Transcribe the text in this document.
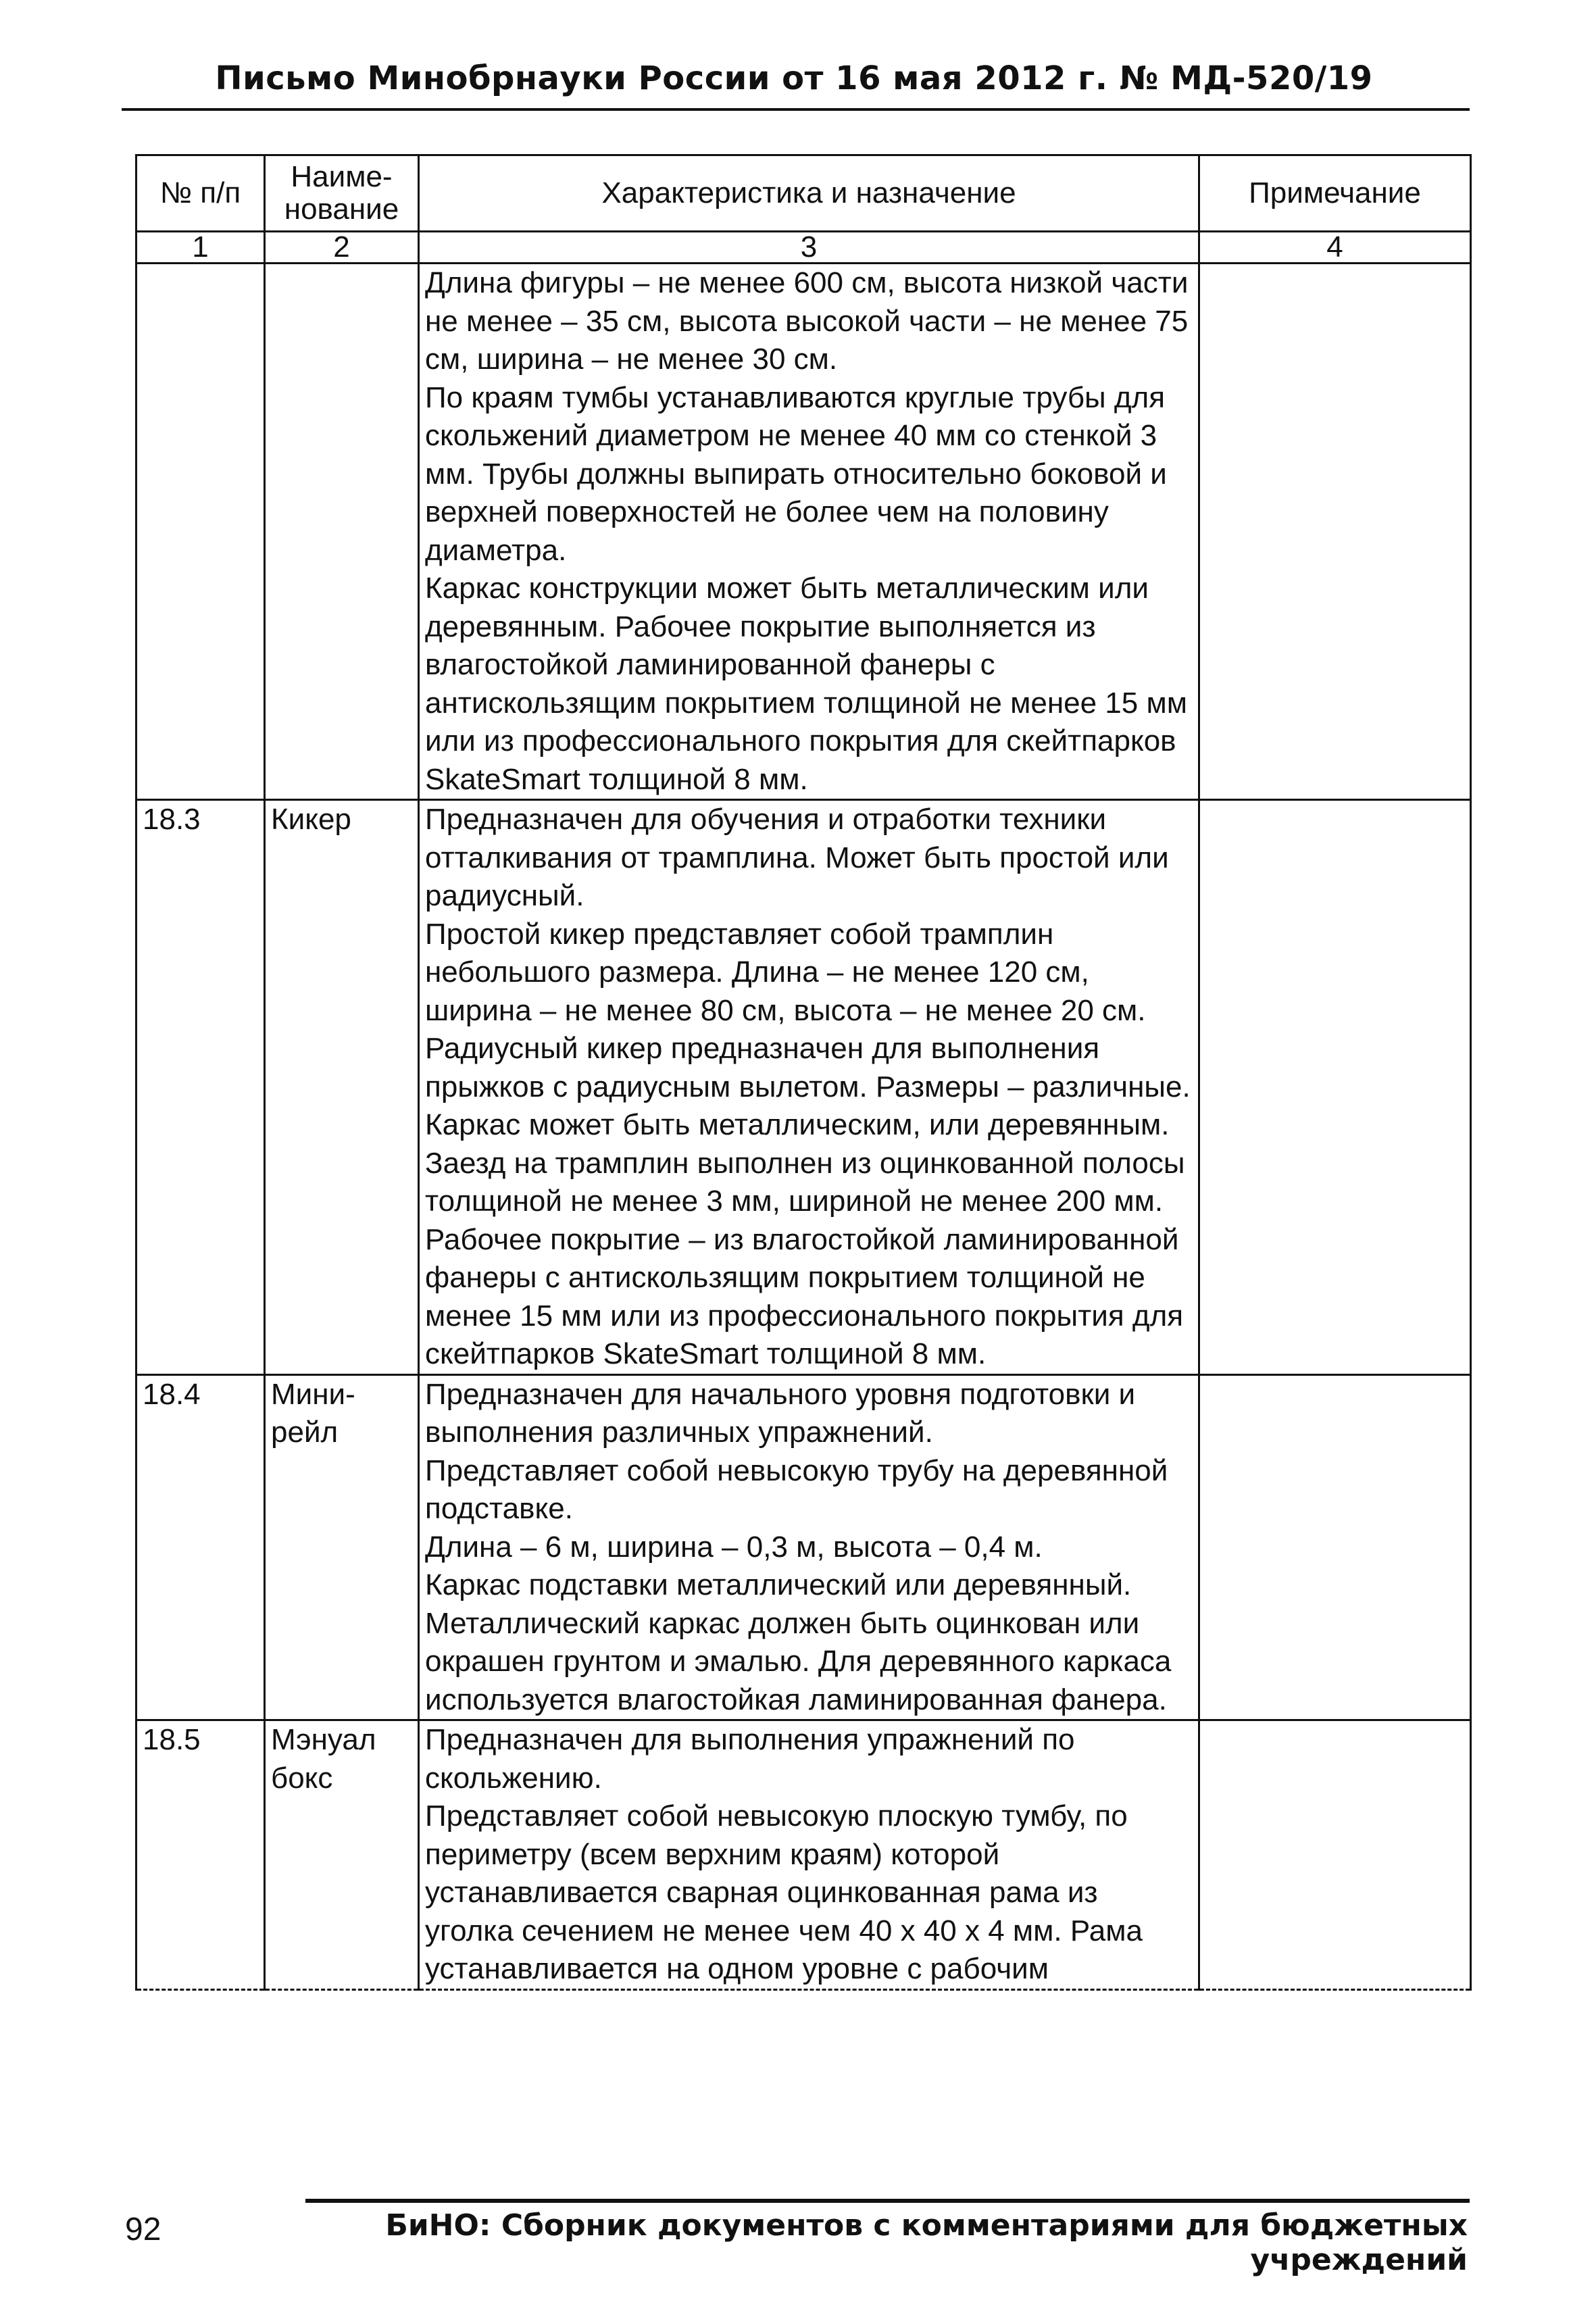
Письмо Минобрнауки России от 16 мая 2012 г. № МД-520/19
№ п/п	Наиме-нование	Характеристика и назначение	Примечание
1	2	3	4

		Длина фигуры – не менее 600 см, высота низкой части не менее – 35 см, высота высокой части – не менее 75 см, ширина – не менее 30 см.

По краям тумбы устанавливаются круглые трубы для скольжений диаметром не менее 40 мм со стенкой 3 мм. Трубы должны выпирать относительно боковой и верхней поверхностей не более чем на половину диаметра.

Каркас конструкции может быть металлическим или деревянным. Рабочее покрытие выполняется из влагостойкой ламинированной фанеры с антискользящим покрытием толщиной не менее 15 мм или из профессионального покрытия для скейтпарков SkateSmart толщиной 8 мм.	

18.3	Кикер	Предназначен для обучения и отработки техники отталкивания от трамплина. Может быть простой или радиусный.

Простой кикер представляет собой трамплин небольшого размера. Длина – не менее 120 см, ширина – не менее 80 см, высота – не менее 20 см.

Радиусный кикер предназначен для выполнения прыжков с радиусным вылетом. Размеры – различные.

Каркас может быть металлическим, или деревянным. Заезд на трамплин выполнен из оцинкованной полосы толщиной не менее 3 мм, шириной не менее 200 мм. Рабочее покрытие – из влагостойкой ламинированной фанеры с антискользящим покрытием толщиной не менее 15 мм или из профессионального покрытия для скейтпарков SkateSmart толщиной 8 мм.	

18.4	Мини-рейл	Предназначен для начального уровня подготовки и выполнения различных упражнений.

Представляет собой невысокую трубу на деревянной подставке.

Длина – 6 м, ширина – 0,3 м, высота – 0,4 м.

Каркас подставки металлический или деревянный. Металлический каркас должен быть оцинкован или окрашен грунтом и эмалью. Для деревянного каркаса используется влагостойкая ламинированная фанера.	

18.5	Мэнуал бокс	Предназначен для выполнения упражнений по скольжению.

Представляет собой невысокую плоскую тумбу, по периметру (всем верхним краям) которой устанавливается сварная оцинкованная рама из уголка сечением не менее чем 40 х 40 х 4 мм. Рама устанавливается на одном уровне с рабочим	

92	БиНО: Сборник документов с комментариями для бюджетных учреждений
